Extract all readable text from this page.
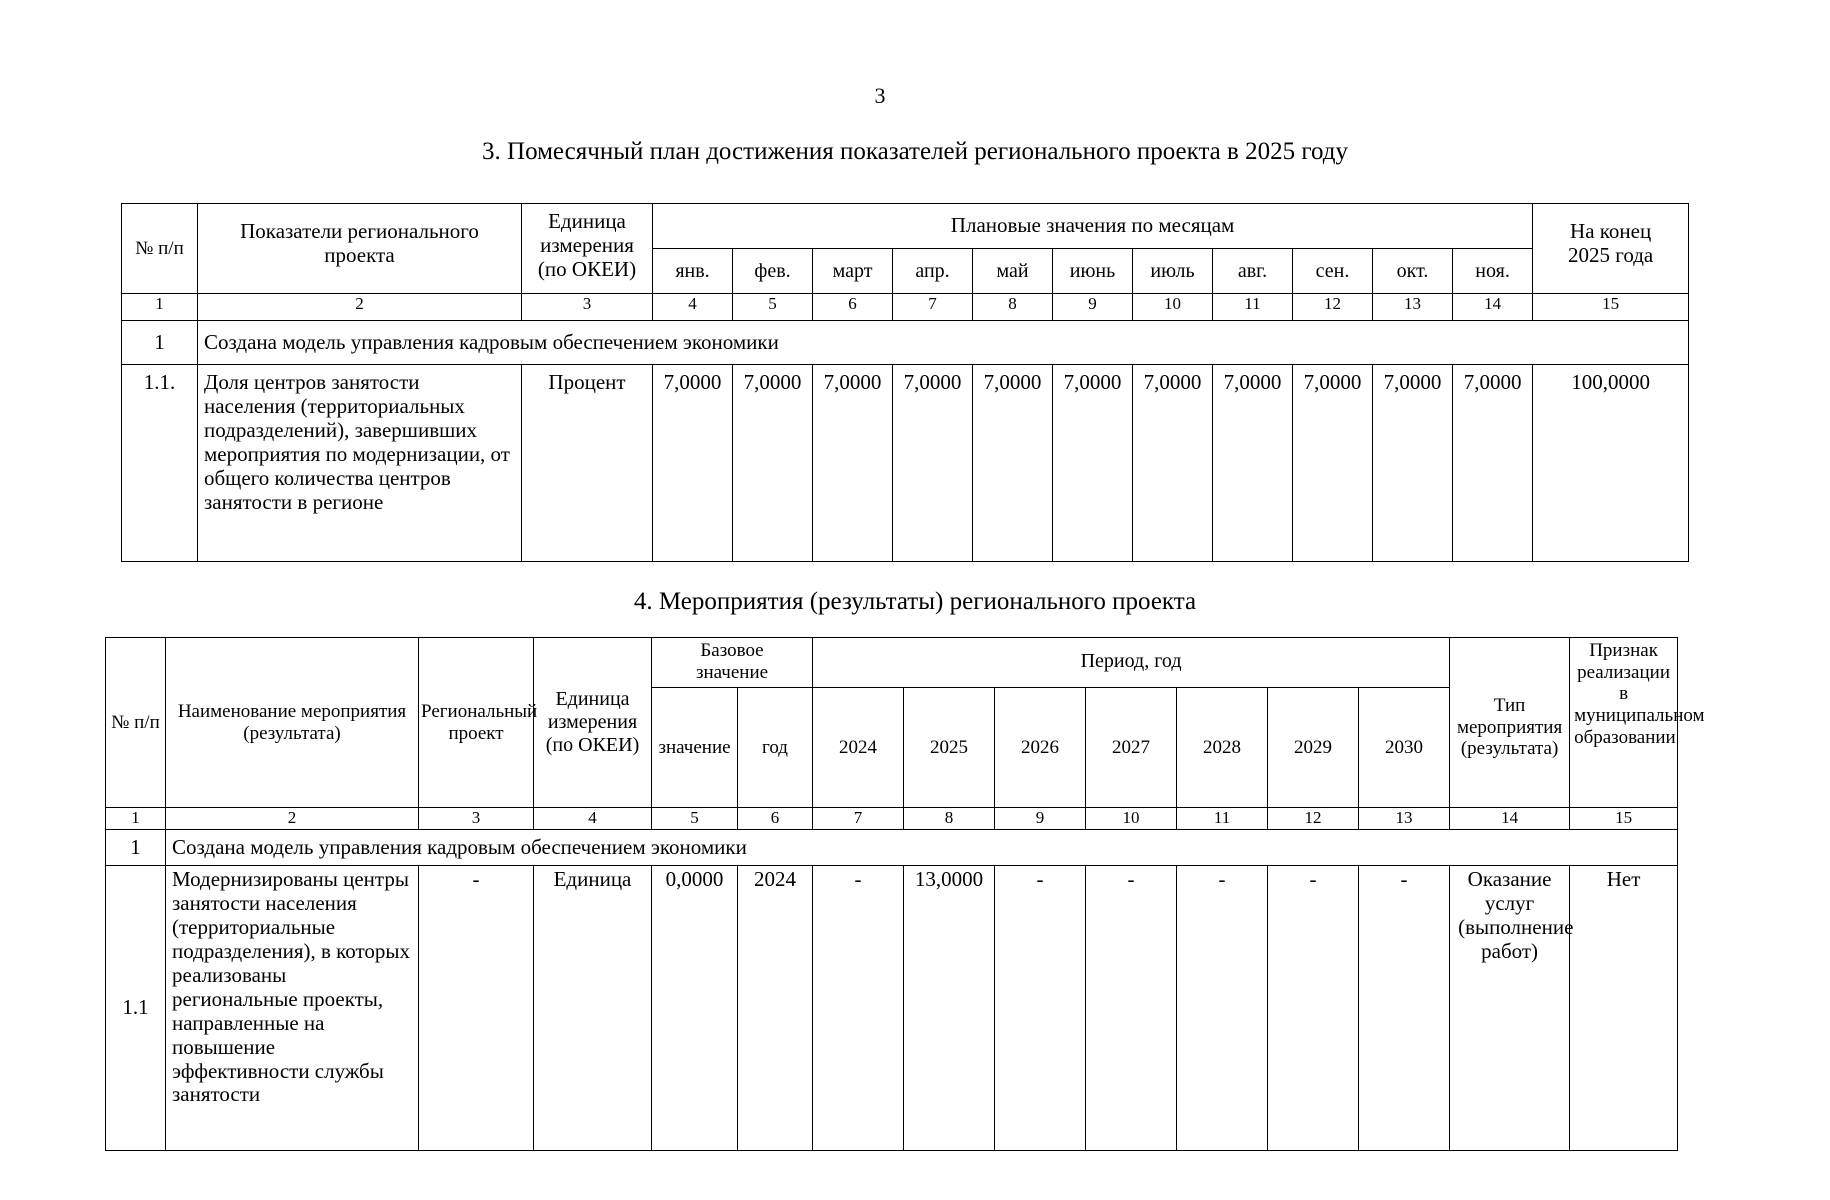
3
3. Помесячный план достижения показателей регионального проекта в 2025 году
№ п/п	Показатели регионального проекта	Единица измерения (по ОКЕИ)	Плановые значения по месяцам											На конец 2025 года
			янв.	фев.	март	апр.	май	июнь	июль	авг.	сен.	окт.	ноя.	
1	2	3	4	5	6	7	8	9	10	11	12	13	14	15
1	Создана модель управления кадровым обеспечением экономики													
1.1.	Доля центров занятости населения (территориальных подразделений), завершивших мероприятия по модернизации, от общего количества центров занятости в регионе	Процент	7,0000	7,0000	7,0000	7,0000	7,0000	7,0000	7,0000	7,0000	7,0000	7,0000	7,0000	100,0000
4. Мероприятия (результаты) регионального проекта
№ п/п	Наименование мероприятия (результата)	Региональный проект	Единица измерения (по ОКЕИ)	Базовое значение		Период, год							Тип мероприятия (результата)	Признак реализации в муниципальном образовании
				значение	год	2024	2025	2026	2027	2028	2029	2030		
1	2	3	4	5	6	7	8	9	10	11	12	13	14	15
1	Создана модель управления кадровым обеспечением экономики													
1.1	Модернизированы центры занятости населения (территориальные подразделения), в которых реализованы региональные проекты, направленные на повышение эффективности службы занятости	-	Единица	0,0000	2024	-	13,0000	-	-	-	-	-	Оказание услуг (выполнение работ)	Нет
